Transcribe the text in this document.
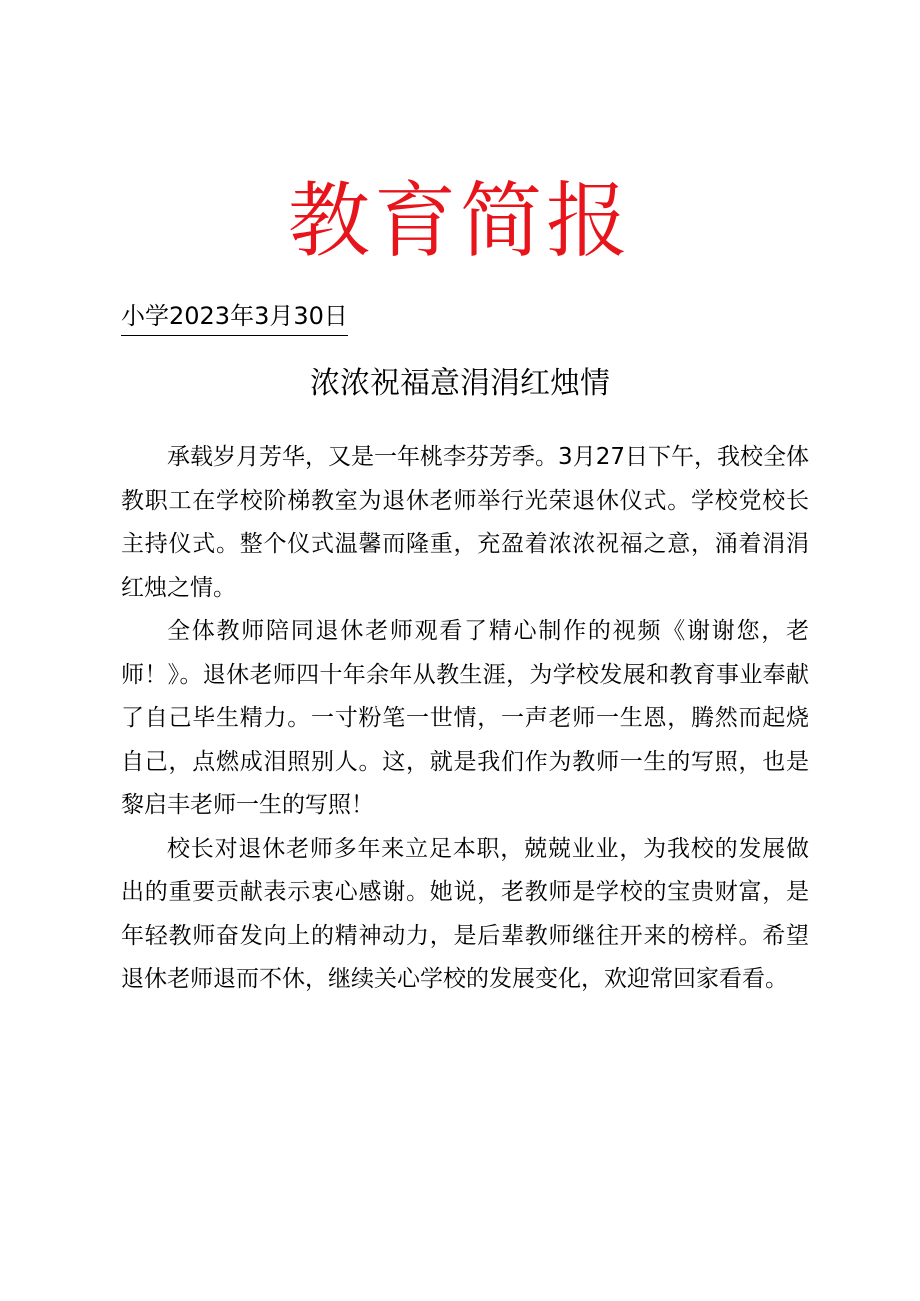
教育简报
小学2023年3月30日
浓浓祝福意涓涓红烛情

承载岁月芳华，又是一年桃李芬芳季。3月27日下午，我校全体教职工在学校阶梯教室为退休老师举行光荣退休仪式。学校党校长主持仪式。整个仪式温馨而隆重，充盈着浓浓祝福之意，涌着涓涓红烛之情。

全体教师陪同退休老师观看了精心制作的视频《谢谢您，老师！》。退休老师四十年余年从教生涯，为学校发展和教育事业奉献了自己毕生精力。一寸粉笔一世情，一声老师一生恩，腾然而起烧自己，点燃成泪照别人。这，就是我们作为教师一生的写照，也是黎启丰老师一生的写照！

校长对退休老师多年来立足本职，兢兢业业，为我校的发展做出的重要贡献表示衷心感谢。她说，老教师是学校的宝贵财富，是年轻教师奋发向上的精神动力，是后辈教师继往开来的榜样。希望退休老师退而不休，继续关心学校的发展变化，欢迎常回家看看。
